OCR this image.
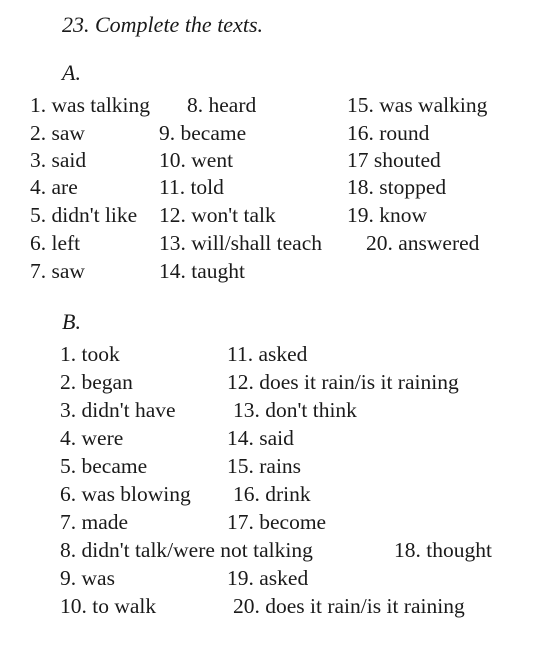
23. Complete the texts.
A.
1. was talking 8. heard	15. was walking
2. saw	9. became	16. round
3. said	10. went	17 shouted
4. are	11. told	18. stopped
5. didn't like 12. won't talk	19. know
6. left	13. will/shall teach 20. answered
7. saw	14. taught
B.
1. took	11. asked
2. began	12. does it rain/is it raining
3. didn't have	13. don't think
4. were	14. said
5. became	15. rains
6. was blowing 16. drink
7. made	17. become
8. didn't talk/were not talking	18. thought
9. was	19. asked
10. to walk	20. does it rain/is it raining
